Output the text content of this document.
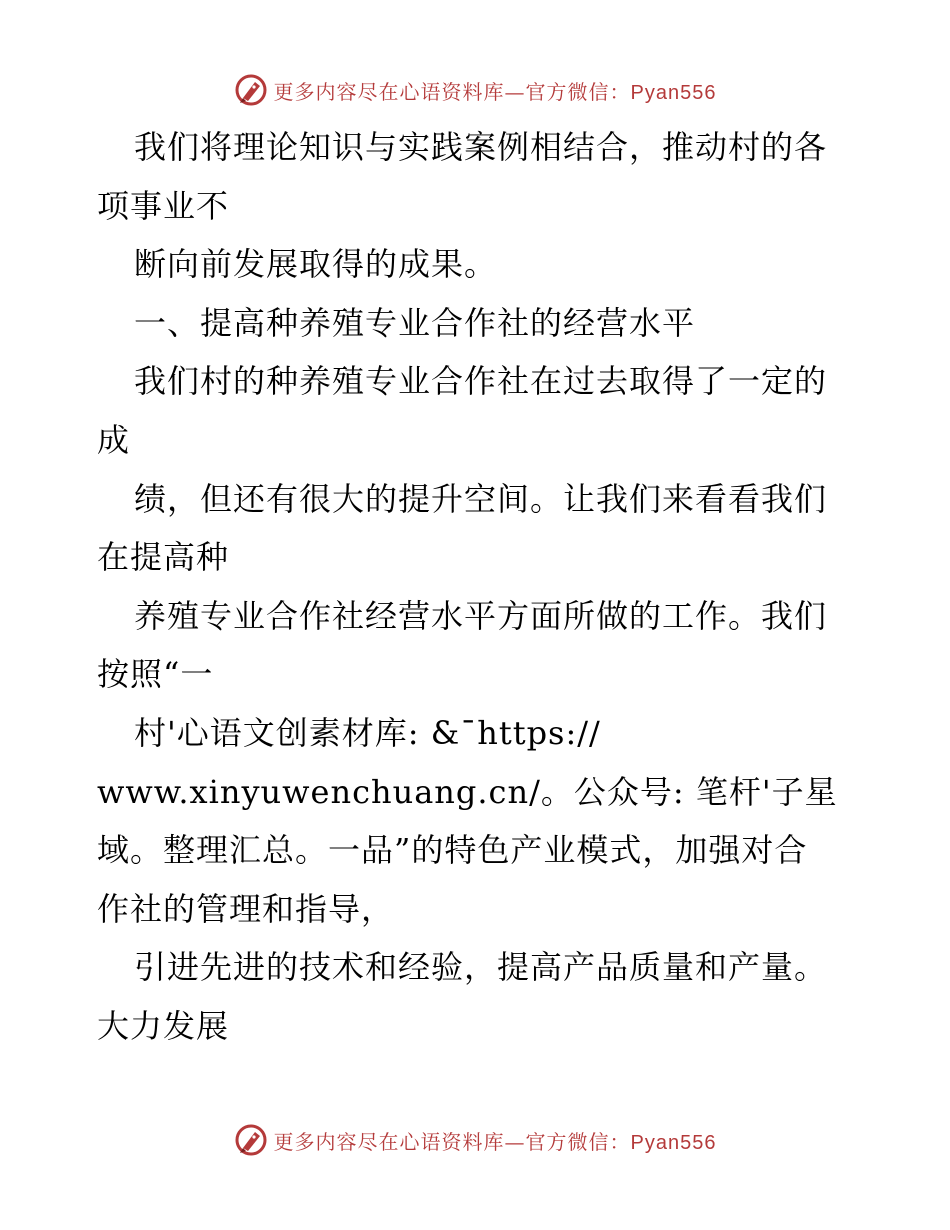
更多内容尽在心语资料库—官方微信：Pyan556
我们将理论知识与实践案例相结合，推动村的各
项事业不
断向前发展取得的成果。
一、提高种养殖专业合作社的经营水平
我们村的种养殖专业合作社在过去取得了一定的
成
绩，但还有很大的提升空间。让我们来看看我们
在提高种
养殖专业合作社经营水平方面所做的工作。我们
按照“一
村'心语文创素材库: &¯https://
www.xinyuwenchuang.cn/。公众号: 笔杆'子星
域。整理汇总。一品”的特色产业模式，加强对合
作社的管理和指导，
引进先进的技术和经验，提高产品质量和产量。
大力发展
更多内容尽在心语资料库—官方微信：Pyan556
